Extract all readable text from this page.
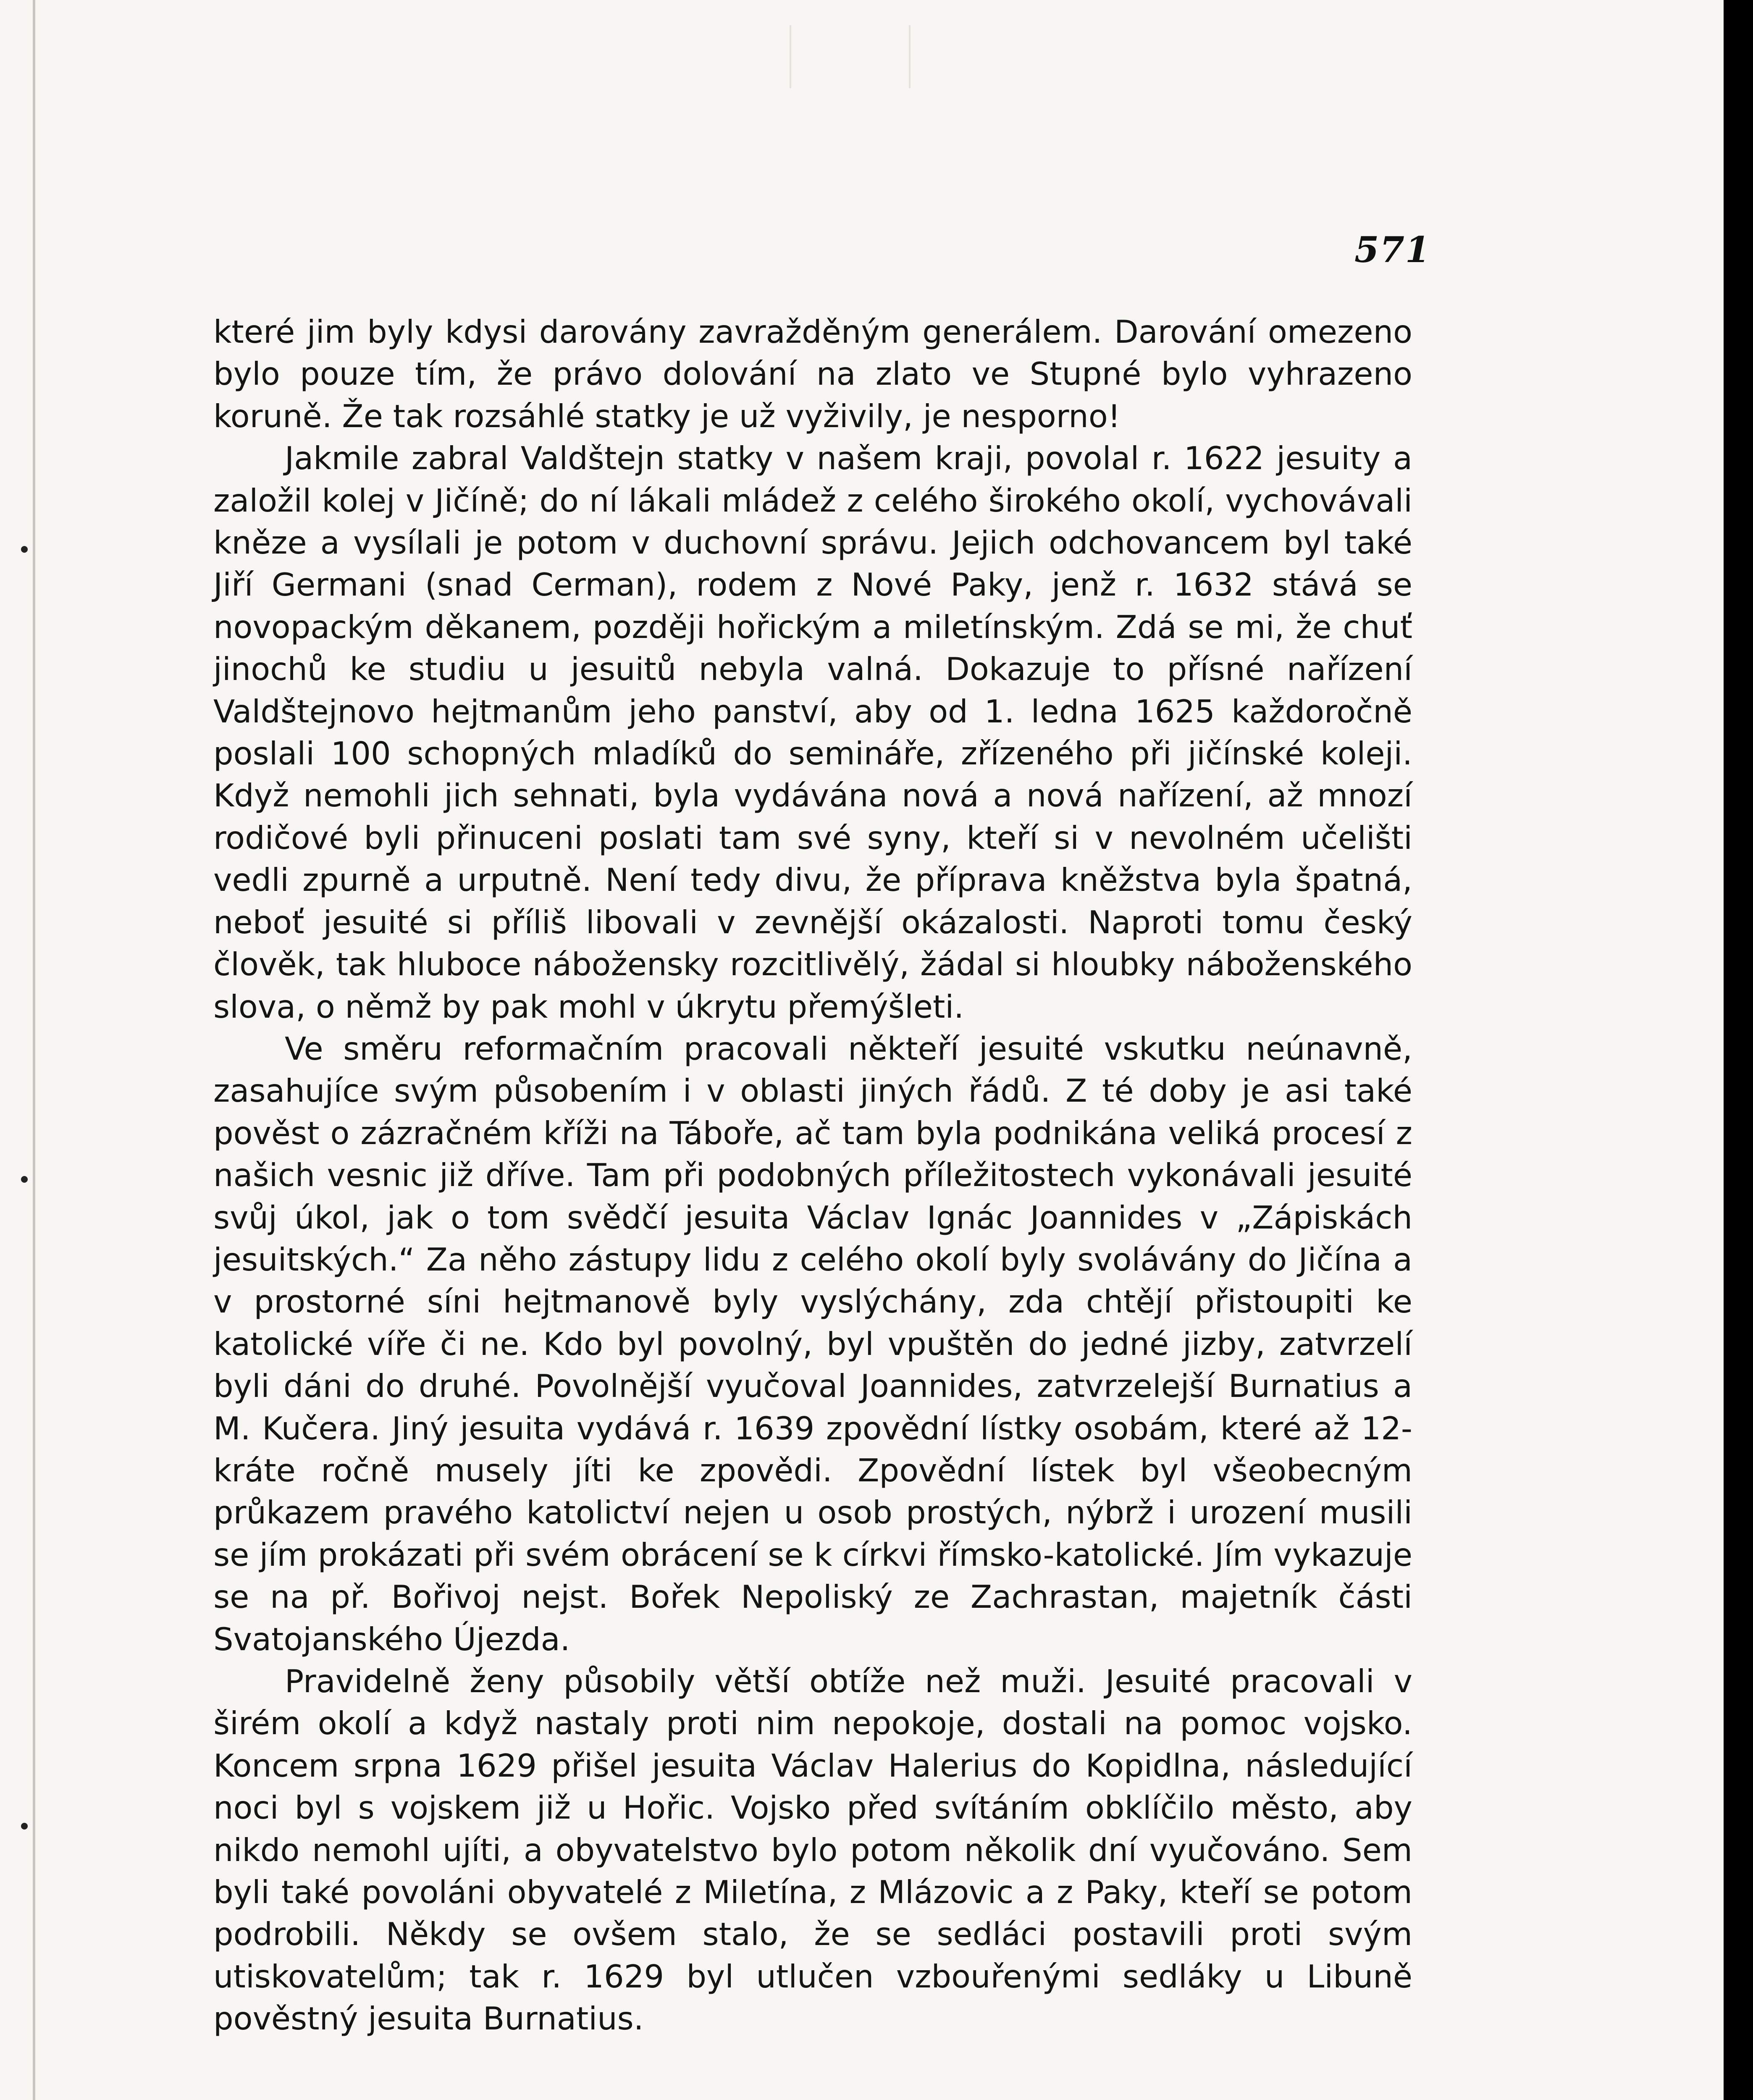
571

které jim byly kdysi darovány zavražděným generálem. Darování omezeno bylo pouze tím, že právo dolování na zlato ve Stupné bylo vyhrazeno koruně. Že tak rozsáhlé statky je už vyživily, je nesporno!

Jakmile zabral Valdštejn statky v našem kraji, povolal r. 1622 jesuity a založil kolej v Jičíně; do ní lákali mládež z celého širokého okolí, vychovávali kněze a vysílali je potom v duchovní správu. Jejich odchovancem byl také Jiří Germani (snad Cerman), rodem z Nové Paky, jenž r. 1632 stává se novopackým děkanem, později hořickým a miletínským. Zdá se mi, že chuť jinochů ke studiu u jesuitů nebyla valná. Dokazuje to přísné nařízení Valdštejnovo hejtmanům jeho panství, aby od 1. ledna 1625 každoročně poslali 100 schopných mladíků do semináře, zřízeného při jičínské koleji. Když nemohli jich sehnati, byla vydávána nová a nová nařízení, až mnozí rodičové byli přinuceni poslati tam své syny, kteří si v nevolném učelišti vedli zpurně a urputně. Není tedy divu, že příprava kněžstva byla špatná, neboť jesuité si příliš libovali v zevnější okázalosti. Naproti tomu český člověk, tak hluboce nábožensky rozcitlivělý, žádal si hloubky náboženského slova, o němž by pak mohl v úkrytu přemýšleti.

Ve směru reformačním pracovali někteří jesuité vskutku neúnavně, zasahujíce svým působením i v oblasti jiných řádů. Z té doby je asi také pověst o zázračném kříži na Táboře, ač tam byla podnikána veliká procesí z našich vesnic již dříve. Tam při podobných příležitostech vykonávali jesuité svůj úkol, jak o tom svědčí jesuita Václav Ignác Joannides v „Zápiskách jesuitských.“ Za něho zástupy lidu z celého okolí byly svolávány do Jičína a v prostorné síni hejtmanově byly vyslýchány, zda chtějí přistoupiti ke katolické víře či ne. Kdo byl povolný, byl vpuštěn do jedné jizby, zatvrzelí byli dáni do druhé. Povolnější vyučoval Joannides, zatvrzelejší Burnatius a M. Kučera. Jiný jesuita vydává r. 1639 zpovědní lístky osobám, které až 12-kráte ročně musely jíti ke zpovědi. Zpovědní lístek byl všeobecným průkazem pravého katolictví nejen u osob prostých, nýbrž i urození musili se jím prokázati při svém obrácení se k církvi římsko-katolické. Jím vykazuje se na př. Bořivoj nejst. Bořek Nepoliský ze Zachrastan, majetník části Svatojanského Újezda.

Pravidelně ženy působily větší obtíže než muži. Jesuité pracovali v širém okolí a když nastaly proti nim nepokoje, dostali na pomoc vojsko. Koncem srpna 1629 přišel jesuita Václav Halerius do Kopidlna, následující noci byl s vojskem již u Hořic. Vojsko před svítáním obklíčilo město, aby nikdo nemohl ujíti, a obyvatelstvo bylo potom několik dní vyučováno. Sem byli také povoláni obyvatelé z Miletína, z Mlázovic a z Paky, kteří se potom podrobili. Někdy se ovšem stalo, že se sedláci postavili proti svým utiskovatelům; tak r. 1629 byl utlučen vzbouřenými sedláky u Libuně pověstný jesuita Burnatius.
